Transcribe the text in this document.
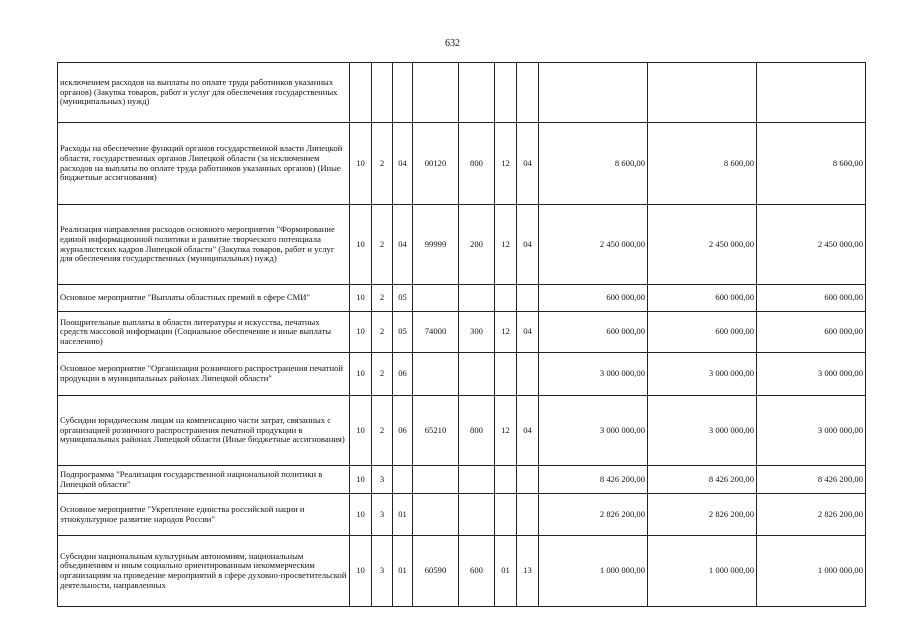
632
исключением расходов на выплаты по оплате труда работников указанных органов) (Закупка товаров, работ и услуг для обеспечения государственных (муниципальных) нужд)										
Расходы на обеспечение функций органов государственной власти Липецкой области, государственных органов Липецкой области (за исключением расходов на выплаты по оплате труда работников указанных органов) (Иные бюджетные ассигнования)	10	2	04	00120	800	12	04	8 600,00	8 600,00	8 600,00
Реализация направления расходов основного мероприятия "Формирование единой информационной политики и развитие творческого потенциала журналистских кадров Липецкой области" (Закупка товаров, работ и услуг для обеспечения государственных (муниципальных) нужд)	10	2	04	99999	200	12	04	2 450 000,00	2 450 000,00	2 450 000,00
Основное мероприятие "Выплаты областных премий в сфере СМИ"	10	2	05					600 000,00	600 000,00	600 000,00
Поощрительные выплаты в области литературы и искусства, печатных средств массовой информации (Социальное обеспечение и иные выплаты населению)	10	2	05	74000	300	12	04	600 000,00	600 000,00	600 000,00
Основное мероприятие "Организация розничного распространения печатной продукции в муниципальных районах Липецкой области"	10	2	06					3 000 000,00	3 000 000,00	3 000 000,00
Субсидии юридическим лицам на компенсацию части затрат, связанных с организацией розничного распространения печатной продукции в муниципальных районах Липецкой области (Иные бюджетные ассигнования)	10	2	06	65210	800	12	04	3 000 000,00	3 000 000,00	3 000 000,00
Подпрограмма "Реализация государственной национальной политики в Липецкой области"	10	3						8 426 200,00	8 426 200,00	8 426 200,00
Основное мероприятие "Укрепление единства российской нации и этнокультурное развитие народов России"	10	3	01					2 826 200,00	2 826 200,00	2 826 200,00
Субсидии национальным культурным автономиям, национальным объединениям и иным социально ориентированным некоммерческим организациям на проведение мероприятий в сфере духовно-просветительской деятельности, направленных	10	3	01	60590	600	01	13	1 000 000,00	1 000 000,00	1 000 000,00
